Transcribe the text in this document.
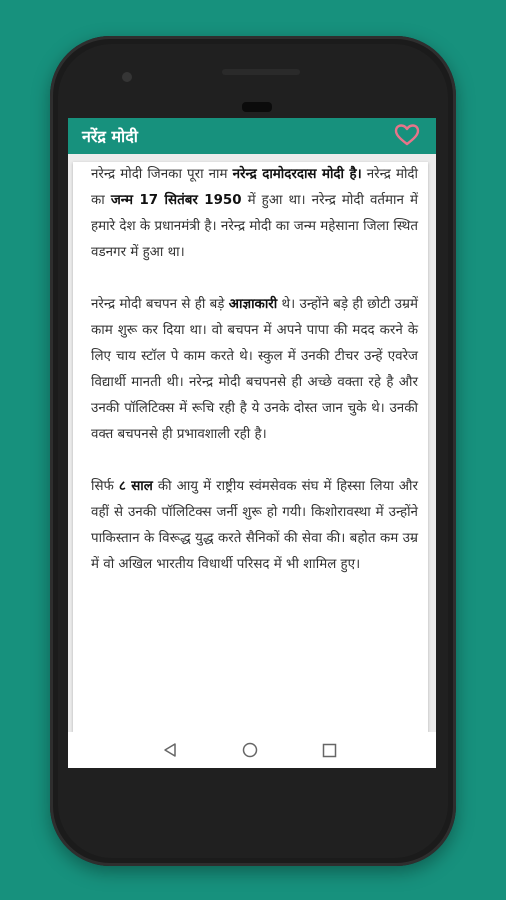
नरेंद्र मोदी

नरेन्द्र मोदी जिनका पूरा नाम नरेन्द्र दामोदरदास मोदी है। नरेन्द्र मोदी का जन्म 17 सितंबर 1950 में हुआ था। नरेन्द्र मोदी वर्तमान में हमारे देश के प्रधानमंत्री है। नरेन्द्र मोदी का जन्म महेसाना जिला स्थित वडनगर में हुआ था।

नरेन्द्र मोदी बचपन से ही बड़े आज्ञाकारी थे। उन्होंने बड़े ही छोटी उम्रमें काम शुरू कर दिया था। वो बचपन में अपने पापा की मदद करने के लिए चाय स्टॉल पे काम करते थे। स्कुल में उनकी टीचर उन्हें एवरेज विद्यार्थी मानती थी। नरेन्द्र मोदी बचपनसे ही अच्छे वक्ता रहे है और उनकी पॉलिटिक्स में रूचि रही है ये उनके दोस्त जान चुके थे। उनकी वक्त बचपनसे ही प्रभावशाली रही है।

सिर्फ ८ साल की आयु में राष्ट्रीय स्वंमसेवक संघ में हिस्सा लिया और वहीं से उनकी पॉलिटिक्स जर्नी शुरू हो गयी। किशोरावस्था में उन्होंने पाकिस्तान के विरूद्ध युद्ध करते सैनिकों की सेवा की। बहोत कम उम्र में वो अखिल भारतीय विधार्थी परिसद में भी शामिल हुए।
